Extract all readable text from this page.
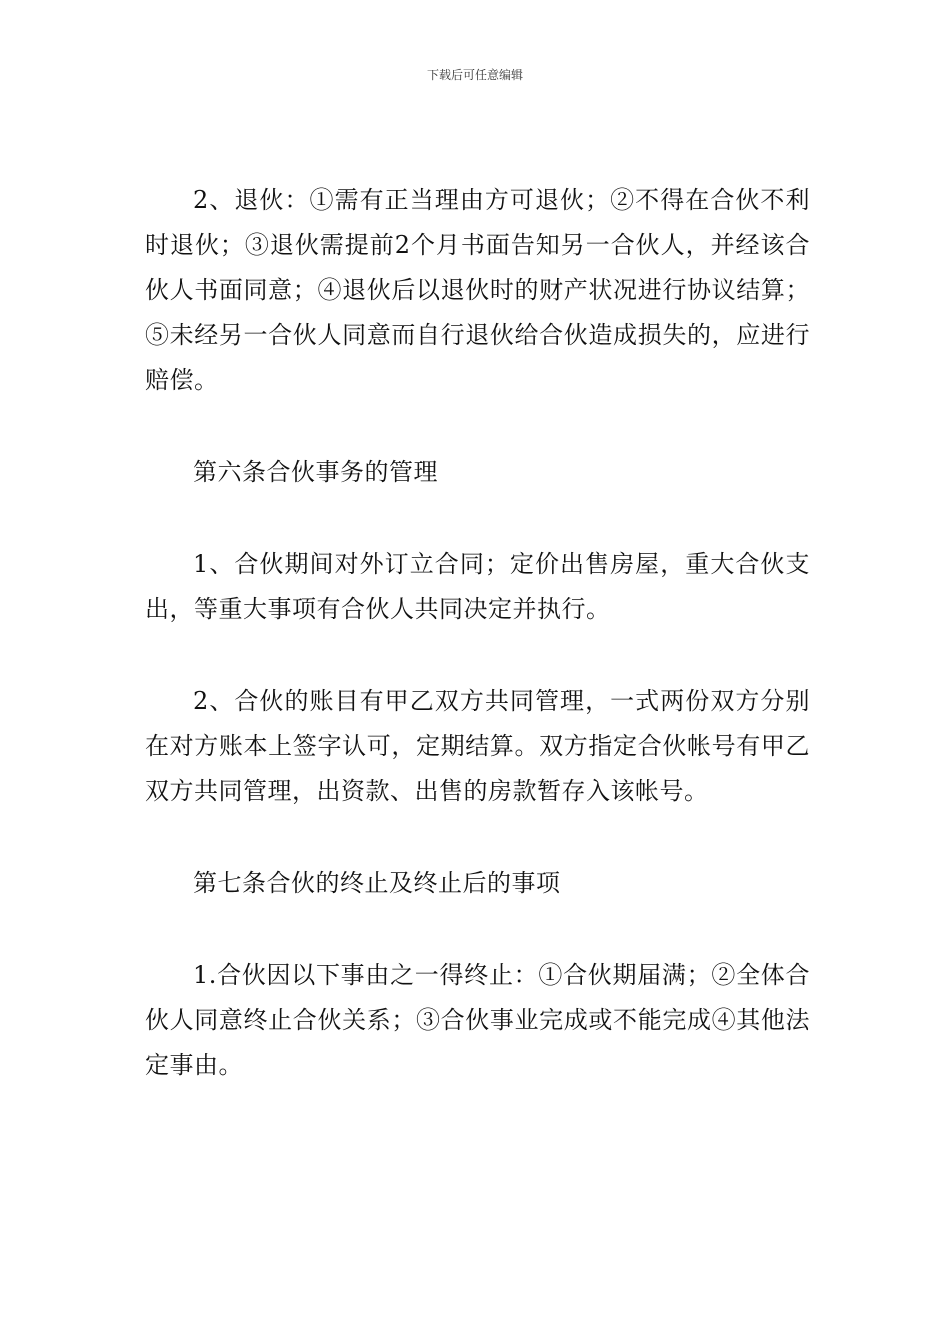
下载后可任意编辑

2、退伙：①需有正当理由方可退伙；②不得在合伙不利时退伙；③退伙需提前2个月书面告知另一合伙人，并经该合伙人书面同意；④退伙后以退伙时的财产状况进行协议结算；⑤未经另一合伙人同意而自行退伙给合伙造成损失的，应进行赔偿。

第六条合伙事务的管理

1、合伙期间对外订立合同；定价出售房屋，重大合伙支出，等重大事项有合伙人共同决定并执行。

2、合伙的账目有甲乙双方共同管理，一式两份双方分别在对方账本上签字认可，定期结算。双方指定合伙帐号有甲乙双方共同管理，出资款、出售的房款暂存入该帐号。

第七条合伙的终止及终止后的事项

1.合伙因以下事由之一得终止：①合伙期届满；②全体合伙人同意终止合伙关系；③合伙事业完成或不能完成④其他法定事由。
